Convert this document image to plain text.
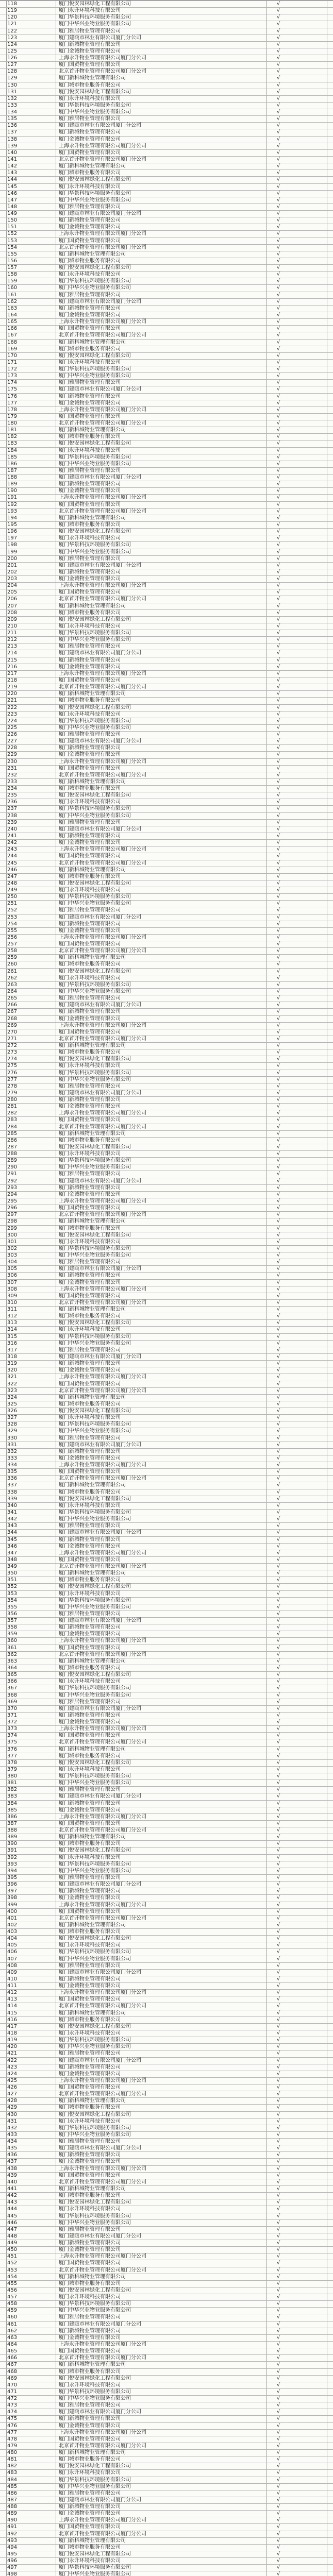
118	厦门悦安园林绿化工程有限公司	√
119	厦门永升环境科技有限公司	√
120	厦门华景科技环境服务有限公司	√
121	厦门中华兴业物业服务有限公司	√
122	厦门雅居物业管理有限公司	√
123	厦门建瓯市林业有限公司厦门分公司	√
124	厦门新城物业管理有限公司	√
125	厦门金诚物业管理有限公司	√
126	上海永升物业管理有限公司厦门分公司	√
127	厦门国贸物业管理有限公司	√
128	北京首开物业管理有限公司厦门分公司	√
129	厦门新科城物业管理有限公司	√
130	厦门城市物业服务有限公司	√
131	厦门悦安园林绿化工程有限公司	√
132	厦门永升环境科技有限公司	√
133	厦门华景科技环境服务有限公司	√
134	厦门中华兴业物业服务有限公司	√
135	厦门雅居物业管理有限公司	√
136	厦门建瓯市林业有限公司厦门分公司	√
137	厦门新城物业管理有限公司	√
138	厦门金诚物业管理有限公司	√
139	上海永升物业管理有限公司厦门分公司	√
140	厦门国贸物业管理有限公司	√
141	北京首开物业管理有限公司厦门分公司	√
142	厦门新科城物业管理有限公司	√
143	厦门城市物业服务有限公司	√
144	厦门悦安园林绿化工程有限公司	√
145	厦门永升环境科技有限公司	√
146	厦门华景科技环境服务有限公司	√
147	厦门中华兴业物业服务有限公司	√
148	厦门雅居物业管理有限公司	√
149	厦门建瓯市林业有限公司厦门分公司	√
150	厦门新城物业管理有限公司	√
151	厦门金诚物业管理有限公司	√
152	上海永升物业管理有限公司厦门分公司	√
153	厦门国贸物业管理有限公司	√
154	北京首开物业管理有限公司厦门分公司	√
155	厦门新科城物业管理有限公司	√
156	厦门城市物业服务有限公司	√
157	厦门悦安园林绿化工程有限公司	√
158	厦门永升环境科技有限公司	√
159	厦门华景科技环境服务有限公司	√
160	厦门中华兴业物业服务有限公司	√
161	厦门雅居物业管理有限公司	√
162	厦门建瓯市林业有限公司厦门分公司	√
163	厦门新城物业管理有限公司	√
164	厦门金诚物业管理有限公司	√
165	上海永升物业管理有限公司厦门分公司	√
166	厦门国贸物业管理有限公司	√
167	北京首开物业管理有限公司厦门分公司	√
168	厦门新科城物业管理有限公司	√
169	厦门城市物业服务有限公司	√
170	厦门悦安园林绿化工程有限公司	√
171	厦门永升环境科技有限公司	√
172	厦门华景科技环境服务有限公司	√
173	厦门中华兴业物业服务有限公司	√
174	厦门雅居物业管理有限公司	√
175	厦门建瓯市林业有限公司厦门分公司	√
176	厦门新城物业管理有限公司	√
177	厦门金诚物业管理有限公司	√
178	上海永升物业管理有限公司厦门分公司	√
179	厦门国贸物业管理有限公司	√
180	北京首开物业管理有限公司厦门分公司	√
181	厦门新科城物业管理有限公司	√
182	厦门城市物业服务有限公司	√
183	厦门悦安园林绿化工程有限公司	√
184	厦门永升环境科技有限公司	√
185	厦门华景科技环境服务有限公司	√
186	厦门中华兴业物业服务有限公司	√
187	厦门雅居物业管理有限公司	√
188	厦门建瓯市林业有限公司厦门分公司	√
189	厦门新城物业管理有限公司	√
190	厦门金诚物业管理有限公司	√
191	上海永升物业管理有限公司厦门分公司	√
192	厦门国贸物业管理有限公司	√
193	北京首开物业管理有限公司厦门分公司	√
194	厦门新科城物业管理有限公司	√
195	厦门城市物业服务有限公司	√
196	厦门悦安园林绿化工程有限公司	√
197	厦门永升环境科技有限公司	√
198	厦门华景科技环境服务有限公司	√
199	厦门中华兴业物业服务有限公司	√
200	厦门雅居物业管理有限公司	√
201	厦门建瓯市林业有限公司厦门分公司	√
202	厦门新城物业管理有限公司	√
203	厦门金诚物业管理有限公司	√
204	上海永升物业管理有限公司厦门分公司	√
205	厦门国贸物业管理有限公司	√
206	北京首开物业管理有限公司厦门分公司	√
207	厦门新科城物业管理有限公司	√
208	厦门城市物业服务有限公司	√
209	厦门悦安园林绿化工程有限公司	√
210	厦门永升环境科技有限公司	√
211	厦门华景科技环境服务有限公司	√
212	厦门中华兴业物业服务有限公司	√
213	厦门雅居物业管理有限公司	√
214	厦门建瓯市林业有限公司厦门分公司	√
215	厦门新城物业管理有限公司	√
216	厦门金诚物业管理有限公司	√
217	上海永升物业管理有限公司厦门分公司	√
218	厦门国贸物业管理有限公司	√
219	北京首开物业管理有限公司厦门分公司	√
220	厦门新科城物业管理有限公司	√
221	厦门城市物业服务有限公司	√
222	厦门悦安园林绿化工程有限公司	√
223	厦门永升环境科技有限公司	√
224	厦门华景科技环境服务有限公司	√
225	厦门中华兴业物业服务有限公司	√
226	厦门雅居物业管理有限公司	√
227	厦门建瓯市林业有限公司厦门分公司	√
228	厦门新城物业管理有限公司	√
229	厦门金诚物业管理有限公司	√
230	上海永升物业管理有限公司厦门分公司	√
231	厦门国贸物业管理有限公司	√
232	北京首开物业管理有限公司厦门分公司	√
233	厦门新科城物业管理有限公司	√
234	厦门城市物业服务有限公司	√
235	厦门悦安园林绿化工程有限公司	√
236	厦门永升环境科技有限公司	√
237	厦门华景科技环境服务有限公司	√
238	厦门中华兴业物业服务有限公司	√
239	厦门雅居物业管理有限公司	√
240	厦门建瓯市林业有限公司厦门分公司	√
241	厦门新城物业管理有限公司	√
242	厦门金诚物业管理有限公司	√
243	上海永升物业管理有限公司厦门分公司	√
244	厦门国贸物业管理有限公司	√
245	北京首开物业管理有限公司厦门分公司	√
246	厦门新科城物业管理有限公司	√
247	厦门城市物业服务有限公司	√
248	厦门悦安园林绿化工程有限公司	√
249	厦门永升环境科技有限公司	√
250	厦门华景科技环境服务有限公司	√
251	厦门中华兴业物业服务有限公司	√
252	厦门雅居物业管理有限公司	√
253	厦门建瓯市林业有限公司厦门分公司	√
254	厦门新城物业管理有限公司	√
255	厦门金诚物业管理有限公司	√
256	上海永升物业管理有限公司厦门分公司	√
257	厦门国贸物业管理有限公司	√
258	北京首开物业管理有限公司厦门分公司	√
259	厦门新科城物业管理有限公司	√
260	厦门城市物业服务有限公司	√
261	厦门悦安园林绿化工程有限公司	√
262	厦门永升环境科技有限公司	√
263	厦门华景科技环境服务有限公司	√
264	厦门中华兴业物业服务有限公司	√
265	厦门雅居物业管理有限公司	√
266	厦门建瓯市林业有限公司厦门分公司	√
267	厦门新城物业管理有限公司	√
268	厦门金诚物业管理有限公司	√
269	上海永升物业管理有限公司厦门分公司	√
270	厦门国贸物业管理有限公司	√
271	北京首开物业管理有限公司厦门分公司	√
272	厦门新科城物业管理有限公司	√
273	厦门城市物业服务有限公司	√
274	厦门悦安园林绿化工程有限公司	√
275	厦门永升环境科技有限公司	√
276	厦门华景科技环境服务有限公司	√
277	厦门中华兴业物业服务有限公司	√
278	厦门雅居物业管理有限公司	√
279	厦门建瓯市林业有限公司厦门分公司	√
280	厦门新城物业管理有限公司	√
281	厦门金诚物业管理有限公司	√
282	上海永升物业管理有限公司厦门分公司	√
283	厦门国贸物业管理有限公司	√
284	北京首开物业管理有限公司厦门分公司	√
285	厦门新科城物业管理有限公司	√
286	厦门城市物业服务有限公司	√
287	厦门悦安园林绿化工程有限公司	√
288	厦门永升环境科技有限公司	√
289	厦门华景科技环境服务有限公司	√
290	厦门中华兴业物业服务有限公司	√
291	厦门雅居物业管理有限公司	√
292	厦门建瓯市林业有限公司厦门分公司	√
293	厦门新城物业管理有限公司	√
294	厦门金诚物业管理有限公司	√
295	上海永升物业管理有限公司厦门分公司	√
296	厦门国贸物业管理有限公司	√
297	北京首开物业管理有限公司厦门分公司	√
298	厦门新科城物业管理有限公司	√
299	厦门城市物业服务有限公司	√
300	厦门悦安园林绿化工程有限公司	√
301	厦门永升环境科技有限公司	√
302	厦门华景科技环境服务有限公司	√
303	厦门中华兴业物业服务有限公司	√
304	厦门雅居物业管理有限公司	√
305	厦门建瓯市林业有限公司厦门分公司	√
306	厦门新城物业管理有限公司	√
307	厦门金诚物业管理有限公司	√
308	上海永升物业管理有限公司厦门分公司	√
309	厦门国贸物业管理有限公司	√
310	北京首开物业管理有限公司厦门分公司	√
311	厦门新科城物业管理有限公司	√
312	厦门城市物业服务有限公司	√
313	厦门悦安园林绿化工程有限公司	√
314	厦门永升环境科技有限公司	√
315	厦门华景科技环境服务有限公司	√
316	厦门中华兴业物业服务有限公司	√
317	厦门雅居物业管理有限公司	√
318	厦门建瓯市林业有限公司厦门分公司	√
319	厦门新城物业管理有限公司	√
320	厦门金诚物业管理有限公司	√
321	上海永升物业管理有限公司厦门分公司	√
322	厦门国贸物业管理有限公司	√
323	北京首开物业管理有限公司厦门分公司	√
324	厦门新科城物业管理有限公司	√
325	厦门城市物业服务有限公司	√
326	厦门悦安园林绿化工程有限公司	√
327	厦门永升环境科技有限公司	√
328	厦门华景科技环境服务有限公司	√
329	厦门中华兴业物业服务有限公司	√
330	厦门雅居物业管理有限公司	√
331	厦门建瓯市林业有限公司厦门分公司	√
332	厦门新城物业管理有限公司	√
333	厦门金诚物业管理有限公司	√
334	上海永升物业管理有限公司厦门分公司	√
335	厦门国贸物业管理有限公司	√
336	北京首开物业管理有限公司厦门分公司	√
337	厦门新科城物业管理有限公司	√
338	厦门城市物业服务有限公司	√
339	厦门悦安园林绿化工程有限公司	√
340	厦门永升环境科技有限公司	√
341	厦门华景科技环境服务有限公司	√
342	厦门中华兴业物业服务有限公司	√
343	厦门雅居物业管理有限公司	√
344	厦门建瓯市林业有限公司厦门分公司	√
345	厦门新城物业管理有限公司	√
346	厦门金诚物业管理有限公司	√
347	上海永升物业管理有限公司厦门分公司	√
348	厦门国贸物业管理有限公司	√
349	北京首开物业管理有限公司厦门分公司	√
350	厦门新科城物业管理有限公司	√
351	厦门城市物业服务有限公司	√
352	厦门悦安园林绿化工程有限公司	√
353	厦门永升环境科技有限公司	√
354	厦门华景科技环境服务有限公司	√
355	厦门中华兴业物业服务有限公司	√
356	厦门雅居物业管理有限公司	√
357	厦门建瓯市林业有限公司厦门分公司	√
358	厦门新城物业管理有限公司	√
359	厦门金诚物业管理有限公司	√
360	上海永升物业管理有限公司厦门分公司	√
361	厦门国贸物业管理有限公司	√
362	北京首开物业管理有限公司厦门分公司	√
363	厦门新科城物业管理有限公司	√
364	厦门城市物业服务有限公司	√
365	厦门悦安园林绿化工程有限公司	√
366	厦门永升环境科技有限公司	√
367	厦门华景科技环境服务有限公司	√
368	厦门中华兴业物业服务有限公司	√
369	厦门雅居物业管理有限公司	√
370	厦门建瓯市林业有限公司厦门分公司	√
371	厦门新城物业管理有限公司	√
372	厦门金诚物业管理有限公司	√
373	上海永升物业管理有限公司厦门分公司	√
374	厦门国贸物业管理有限公司	√
375	北京首开物业管理有限公司厦门分公司	√
376	厦门新科城物业管理有限公司	√
377	厦门城市物业服务有限公司	√
378	厦门悦安园林绿化工程有限公司	√
379	厦门永升环境科技有限公司	√
380	厦门华景科技环境服务有限公司	√
381	厦门中华兴业物业服务有限公司	√
382	厦门雅居物业管理有限公司	√
383	厦门建瓯市林业有限公司厦门分公司	√
384	厦门新城物业管理有限公司	√
385	厦门金诚物业管理有限公司	√
386	上海永升物业管理有限公司厦门分公司	√
387	厦门国贸物业管理有限公司	√
388	北京首开物业管理有限公司厦门分公司	√
389	厦门新科城物业管理有限公司	√
390	厦门城市物业服务有限公司	√
391	厦门悦安园林绿化工程有限公司	√
392	厦门永升环境科技有限公司	√
393	厦门华景科技环境服务有限公司	√
394	厦门中华兴业物业服务有限公司	√
395	厦门雅居物业管理有限公司	√
396	厦门建瓯市林业有限公司厦门分公司	√
397	厦门新城物业管理有限公司	√
398	厦门金诚物业管理有限公司	√
399	上海永升物业管理有限公司厦门分公司	√
400	厦门国贸物业管理有限公司	√
401	北京首开物业管理有限公司厦门分公司	√
402	厦门新科城物业管理有限公司	√
403	厦门城市物业服务有限公司	√
404	厦门悦安园林绿化工程有限公司	√
405	厦门永升环境科技有限公司	√
406	厦门华景科技环境服务有限公司	√
407	厦门中华兴业物业服务有限公司	√
408	厦门雅居物业管理有限公司	√
409	厦门建瓯市林业有限公司厦门分公司	√
410	厦门新城物业管理有限公司	√
411	厦门金诚物业管理有限公司	√
412	上海永升物业管理有限公司厦门分公司	√
413	厦门国贸物业管理有限公司	√
414	北京首开物业管理有限公司厦门分公司	√
415	厦门新科城物业管理有限公司	√
416	厦门城市物业服务有限公司	√
417	厦门悦安园林绿化工程有限公司	√
418	厦门永升环境科技有限公司	√
419	厦门华景科技环境服务有限公司	√
420	厦门中华兴业物业服务有限公司	√
421	厦门雅居物业管理有限公司	√
422	厦门建瓯市林业有限公司厦门分公司	√
423	厦门新城物业管理有限公司	√
424	厦门金诚物业管理有限公司	√
425	上海永升物业管理有限公司厦门分公司	√
426	厦门国贸物业管理有限公司	√
427	北京首开物业管理有限公司厦门分公司	√
428	厦门新科城物业管理有限公司	√
429	厦门城市物业服务有限公司	√
430	厦门悦安园林绿化工程有限公司	√
431	厦门永升环境科技有限公司	√
432	厦门华景科技环境服务有限公司	√
433	厦门中华兴业物业服务有限公司	√
434	厦门雅居物业管理有限公司	√
435	厦门建瓯市林业有限公司厦门分公司	√
436	厦门新城物业管理有限公司	√
437	厦门金诚物业管理有限公司	√
438	上海永升物业管理有限公司厦门分公司	√
439	厦门国贸物业管理有限公司	√
440	北京首开物业管理有限公司厦门分公司	√
441	厦门新科城物业管理有限公司	√
442	厦门城市物业服务有限公司	√
443	厦门悦安园林绿化工程有限公司	√
444	厦门永升环境科技有限公司	√
445	厦门华景科技环境服务有限公司	√
446	厦门中华兴业物业服务有限公司	√
447	厦门雅居物业管理有限公司	√
448	厦门建瓯市林业有限公司厦门分公司	√
449	厦门新城物业管理有限公司	√
450	厦门金诚物业管理有限公司	√
451	上海永升物业管理有限公司厦门分公司	√
452	厦门国贸物业管理有限公司	√
453	北京首开物业管理有限公司厦门分公司	√
454	厦门新科城物业管理有限公司	√
455	厦门城市物业服务有限公司	√
456	厦门悦安园林绿化工程有限公司	√
457	厦门永升环境科技有限公司	√
458	厦门华景科技环境服务有限公司	√
459	厦门中华兴业物业服务有限公司	√
460	厦门雅居物业管理有限公司	√
461	厦门建瓯市林业有限公司厦门分公司	√
462	厦门新城物业管理有限公司	√
463	厦门金诚物业管理有限公司	√
464	上海永升物业管理有限公司厦门分公司	√
465	厦门国贸物业管理有限公司	√
466	北京首开物业管理有限公司厦门分公司	√
467	厦门新科城物业管理有限公司	√
468	厦门城市物业服务有限公司	√
469	厦门悦安园林绿化工程有限公司	√
470	厦门永升环境科技有限公司	√
471	厦门华景科技环境服务有限公司	√
472	厦门中华兴业物业服务有限公司	√
473	厦门雅居物业管理有限公司	√
474	厦门建瓯市林业有限公司厦门分公司	√
475	厦门新城物业管理有限公司	√
476	厦门金诚物业管理有限公司	√
477	上海永升物业管理有限公司厦门分公司	√
478	厦门国贸物业管理有限公司	√
479	北京首开物业管理有限公司厦门分公司	√
480	厦门新科城物业管理有限公司	√
481	厦门城市物业服务有限公司	√
482	厦门悦安园林绿化工程有限公司	√
483	厦门永升环境科技有限公司	√
484	厦门华景科技环境服务有限公司	√
485	厦门中华兴业物业服务有限公司	√
486	厦门雅居物业管理有限公司	√
487	厦门建瓯市林业有限公司厦门分公司	√
488	厦门新城物业管理有限公司	√
489	厦门金诚物业管理有限公司	√
490	上海永升物业管理有限公司厦门分公司	√
491	厦门国贸物业管理有限公司	√
492	北京首开物业管理有限公司厦门分公司	√
493	厦门新科城物业管理有限公司	√
494	厦门城市物业服务有限公司	√
495	厦门悦安园林绿化工程有限公司	√
496	厦门永升环境科技有限公司	√
497	厦门华景科技环境服务有限公司	√
498	厦门中华兴业物业服务有限公司	√
